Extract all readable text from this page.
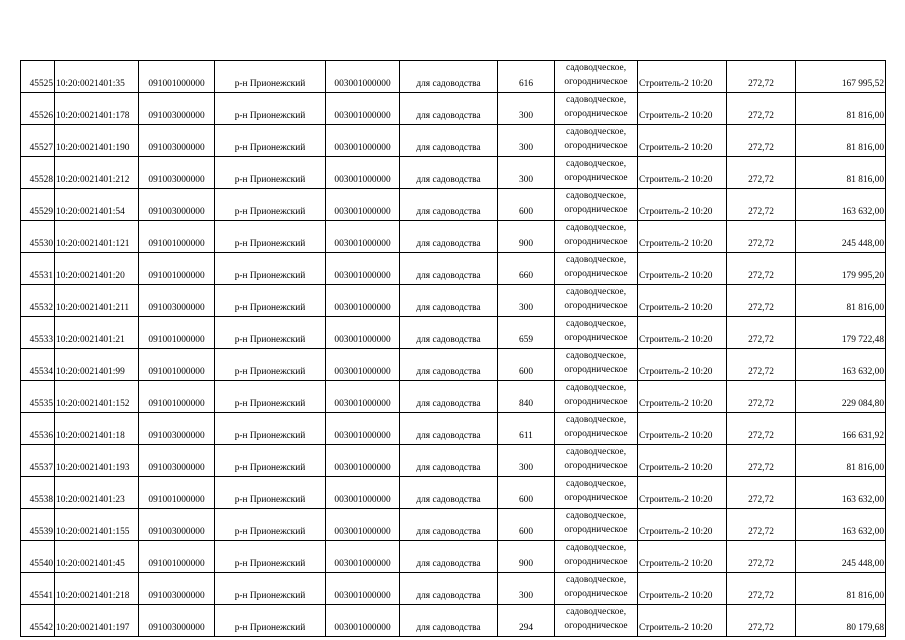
45525	10:20:0021401:35	091001000000	р-н Прионежский	003001000000	для садоводства	616	садоводческое,
огородническое	Строитель-2 10:20	272,72	167 995,52
45526	10:20:0021401:178	091003000000	р-н Прионежский	003001000000	для садоводства	300	садоводческое,
огородническое	Строитель-2 10:20	272,72	81 816,00
45527	10:20:0021401:190	091003000000	р-н Прионежский	003001000000	для садоводства	300	садоводческое,
огородническое	Строитель-2 10:20	272,72	81 816,00
45528	10:20:0021401:212	091003000000	р-н Прионежский	003001000000	для садоводства	300	садоводческое,
огородническое	Строитель-2 10:20	272,72	81 816,00
45529	10:20:0021401:54	091003000000	р-н Прионежский	003001000000	для садоводства	600	садоводческое,
огородническое	Строитель-2 10:20	272,72	163 632,00
45530	10:20:0021401:121	091001000000	р-н Прионежский	003001000000	для садоводства	900	садоводческое,
огородническое	Строитель-2 10:20	272,72	245 448,00
45531	10:20:0021401:20	091001000000	р-н Прионежский	003001000000	для садоводства	660	садоводческое,
огородническое	Строитель-2 10:20	272,72	179 995,20
45532	10:20:0021401:211	091003000000	р-н Прионежский	003001000000	для садоводства	300	садоводческое,
огородническое	Строитель-2 10:20	272,72	81 816,00
45533	10:20:0021401:21	091001000000	р-н Прионежский	003001000000	для садоводства	659	садоводческое,
огородническое	Строитель-2 10:20	272,72	179 722,48
45534	10:20:0021401:99	091001000000	р-н Прионежский	003001000000	для садоводства	600	садоводческое,
огородническое	Строитель-2 10:20	272,72	163 632,00
45535	10:20:0021401:152	091001000000	р-н Прионежский	003001000000	для садоводства	840	садоводческое,
огородническое	Строитель-2 10:20	272,72	229 084,80
45536	10:20:0021401:18	091003000000	р-н Прионежский	003001000000	для садоводства	611	садоводческое,
огородническое	Строитель-2 10:20	272,72	166 631,92
45537	10:20:0021401:193	091003000000	р-н Прионежский	003001000000	для садоводства	300	садоводческое,
огородническое	Строитель-2 10:20	272,72	81 816,00
45538	10:20:0021401:23	091001000000	р-н Прионежский	003001000000	для садоводства	600	садоводческое,
огородническое	Строитель-2 10:20	272,72	163 632,00
45539	10:20:0021401:155	091003000000	р-н Прионежский	003001000000	для садоводства	600	садоводческое,
огородническое	Строитель-2 10:20	272,72	163 632,00
45540	10:20:0021401:45	091001000000	р-н Прионежский	003001000000	для садоводства	900	садоводческое,
огородническое	Строитель-2 10:20	272,72	245 448,00
45541	10:20:0021401:218	091003000000	р-н Прионежский	003001000000	для садоводства	300	садоводческое,
огородническое	Строитель-2 10:20	272,72	81 816,00
45542	10:20:0021401:197	091003000000	р-н Прионежский	003001000000	для садоводства	294	садоводческое,
огородническое	Строитель-2 10:20	272,72	80 179,68
